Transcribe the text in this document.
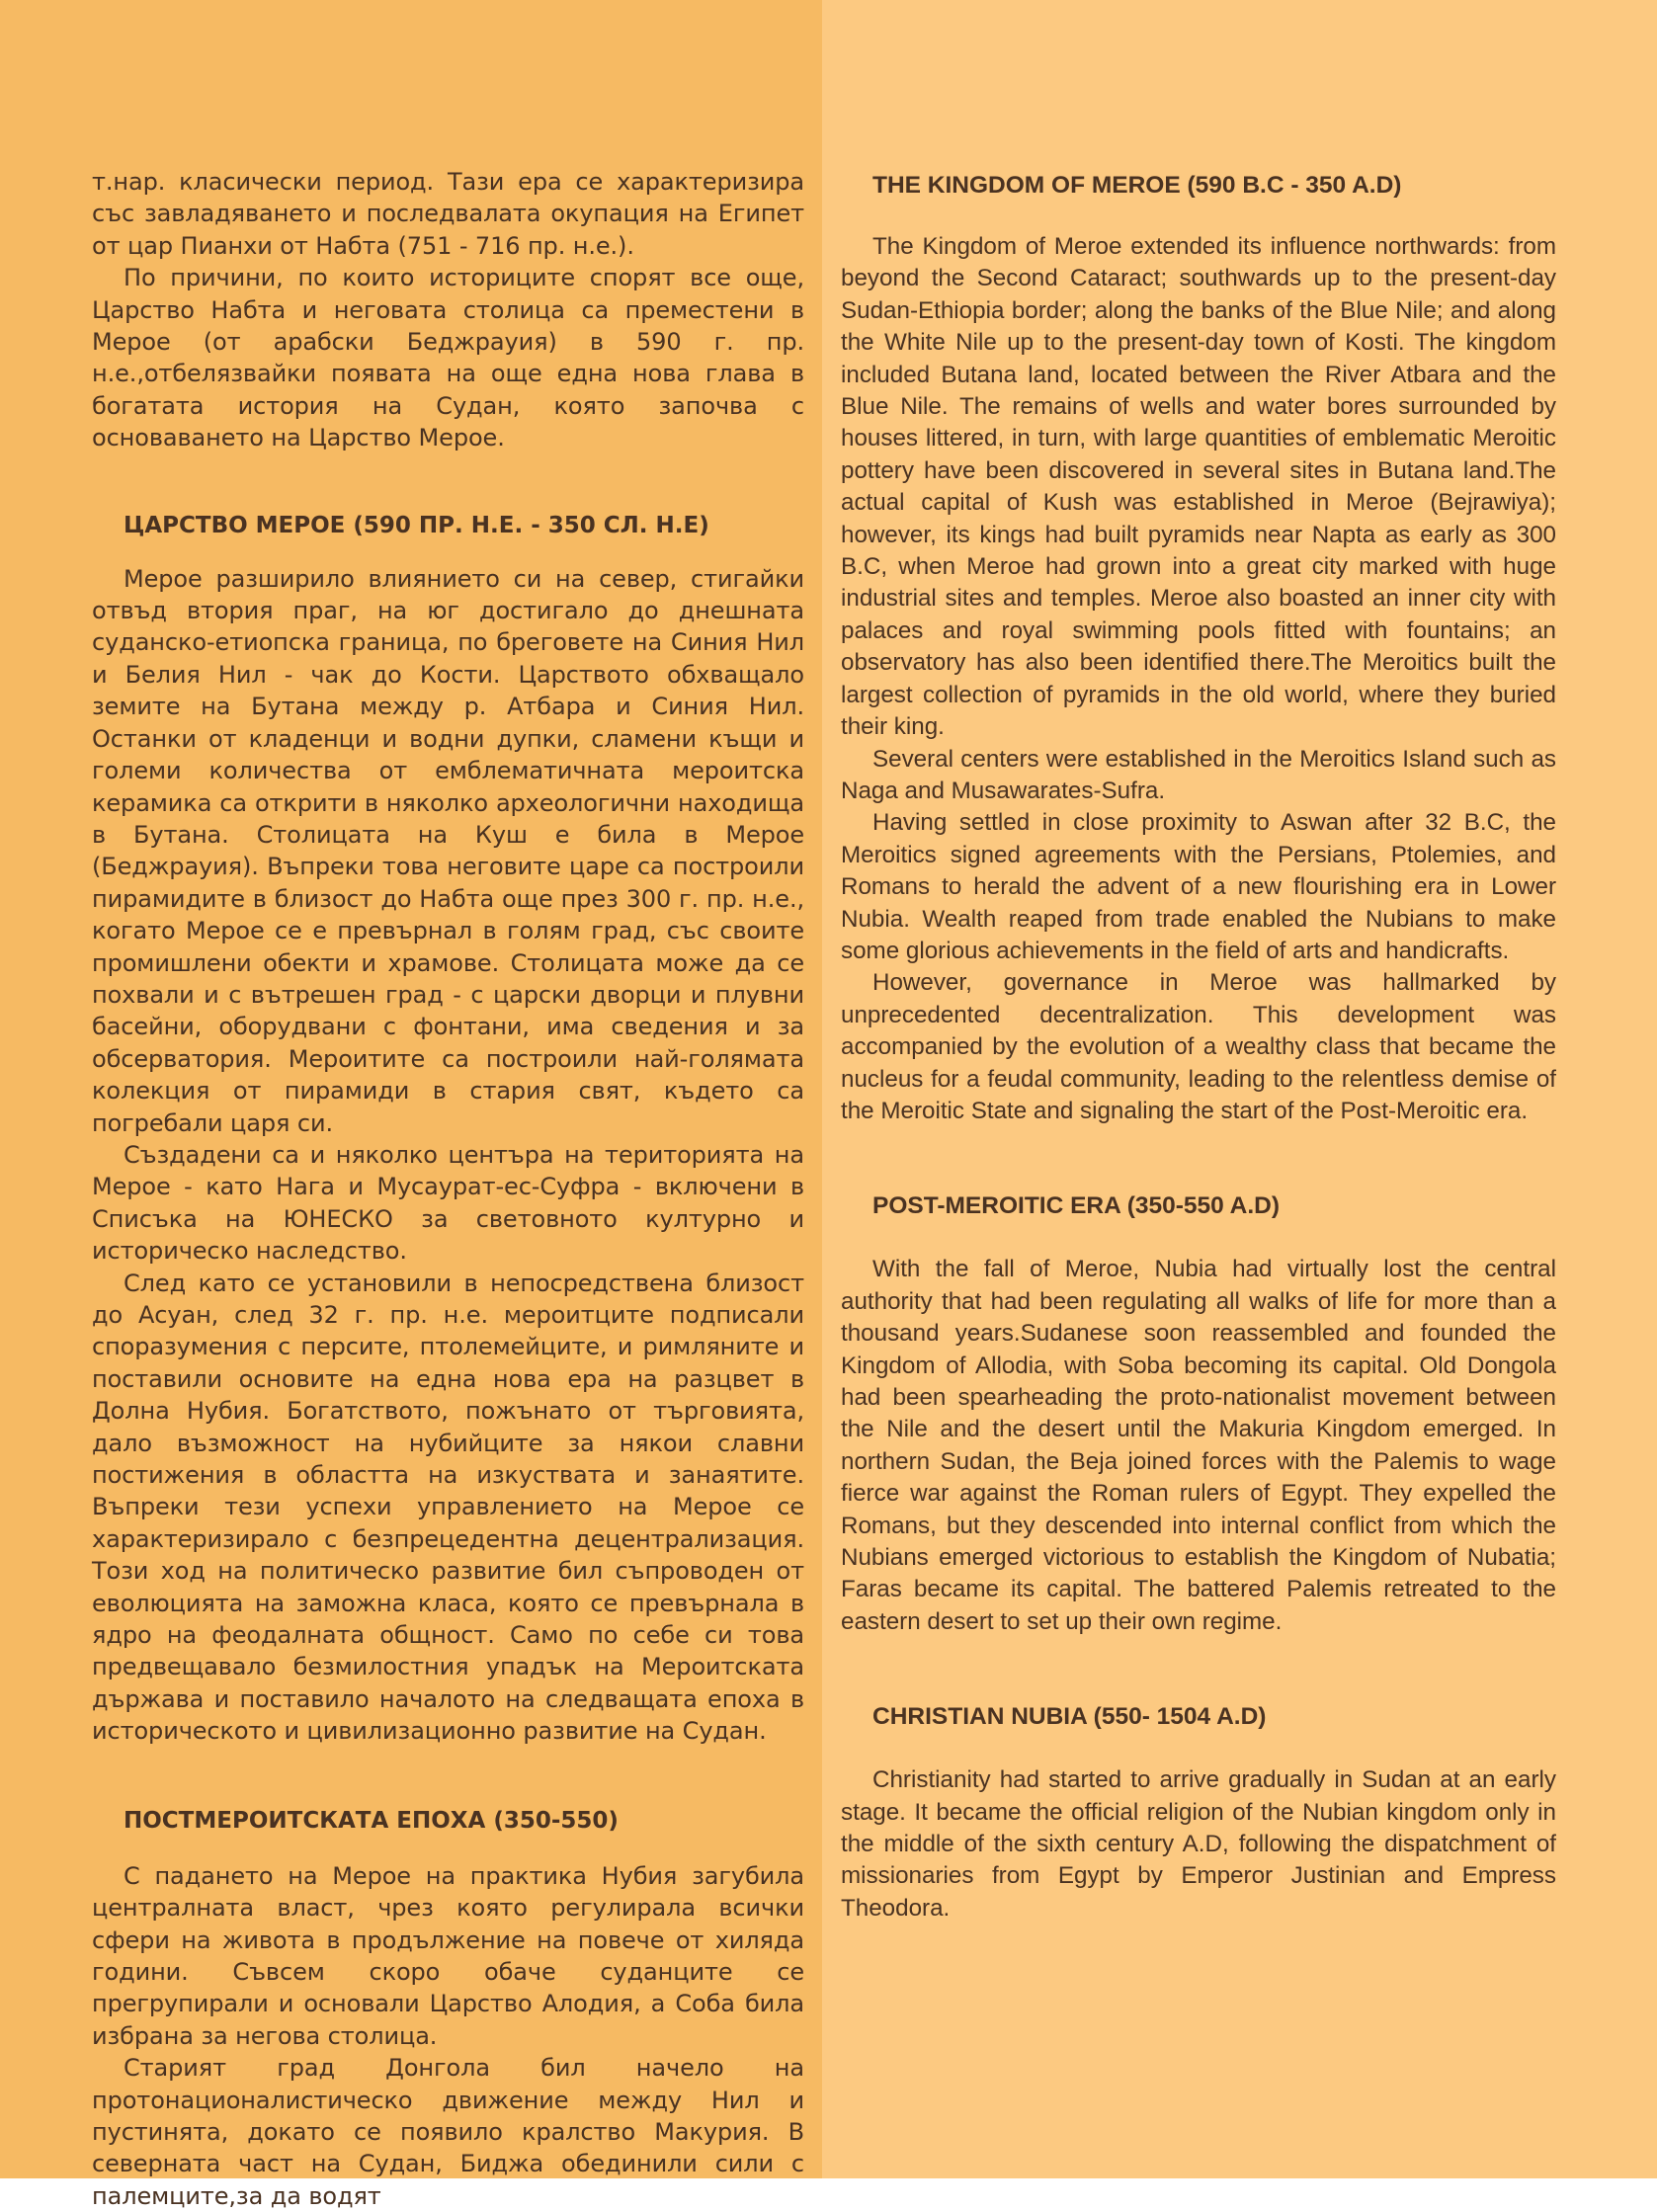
т.нар. класически период. Тази ера се характеризира със завладяването и последвалата окупация на Египет от цар Пианхи от Набта (751 - 716 пр. н.е.).

По причини, по които историците спорят все още, Царство Набта и неговата столица са преместени в Мерое (от арабски Беджрауия) в 590 г. пр. н.е.,отбелязвайки появата на още една нова глава в богатата история на Судан, която започва с основаването на Царство Мерое.

ЦАРСТВО МЕРОЕ (590 ПР. Н.Е. - 350 СЛ. Н.Е)

Мерое разширило влиянието си на север, стигайки отвъд втория праг, на юг достигало до днешната суданско-етиопска граница, по бреговете на Синия Нил и Белия Нил - чак до Кости. Царството обхващало земите на Бутана между р. Атбара и Синия Нил. Останки от кладенци и водни дупки, сламени къщи и големи количества от емблематичната мероитска керамика са открити в няколко археологични находища в Бутана. Столицата на Куш е била в Мерое (Беджрауия). Въпреки това неговите царе са построили пирамидите в близост до Набта още през 300 г. пр. н.е., когато Мерое се е превърнал в голям град, със своите промишлени обекти и храмове. Столицата може да се похвали и с вътрешен град - с царски дворци и плувни басейни, оборудвани с фонтани, има сведения и за обсерватория. Мероитите са построили най-голямата колекция от пирамиди в стария свят, където са погребали царя си.

Създадени са и няколко центъра на територията на Мерое - като Нага и Мусаурат-ес-Суфра - включени в Списъка на ЮНЕСКО за световното културно и историческо наследство.

След като се установили в непосредствена близост до Асуан, след 32 г. пр. н.е. мероитците подписали споразумения с персите, птолемейците, и римляните и поставили основите на една нова ера на разцвет в Долна Нубия. Богатството, пожънато от търговията, дало възможност на нубийците за някои славни постижения в областта на изкуствата и занаятите. Въпреки тези успехи управлението на Мерое се характеризирало с безпрецедентна децентрализация. Този ход на политическо развитие бил съпроводен от еволюцията на заможна класа, която се превърнала в ядро на феодалната общност. Само по себе си това предвещавало безмилостния упадък на Мероитската държава и поставило началото на следващата епоха в историческото и цивилизационно развитие на Судан.

ПОСТМЕРОИТСКАТА ЕПОХА (350-550)

С падането на Мерое на практика Нубия загубила централната власт, чрез която регулирала всички сфери на живота в продължение на повече от хиляда години. Съвсем скоро обаче суданците се прегрупирали и основали Царство Алодия, а Соба била избрана за негова столица.

Старият град Донгола бил начело на протонационалистическо движение между Нил и пустинята, докато се появило кралство Макурия. В северната част на Судан, Биджа обединили сили с палемците,за да водят

THE KINGDOM OF MEROE (590 B.C - 350 A.D)

The Kingdom of Meroe extended its influence northwards: from beyond the Second Cataract; southwards up to the present-day Sudan-Ethiopia border; along the banks of the Blue Nile; and along the White Nile up to the present-day town of Kosti. The kingdom included Butana land, located between the River Atbara and the Blue Nile. The remains of wells and water bores surrounded by houses littered, in turn, with large quantities of emblematic Meroitic pottery have been discovered in several sites in Butana land.The actual capital of Kush was established in Meroe (Bejrawiya); however, its kings had built pyramids near Napta as early as 300 B.C, when Meroe had grown into a great city marked with huge industrial sites and temples. Meroe also boasted an inner city with palaces and royal swimming pools fitted with fountains; an observatory has also been identified there.The Meroitics built the largest collection of pyramids in the old world, where they buried their king.

Several centers were established in the Meroitics Island such as Naga and Musawarates-Sufra.

Having settled in close proximity to Aswan after 32 B.C, the Meroitics signed agreements with the Persians, Ptolemies, and Romans to herald the advent of a new flourishing era in Lower Nubia. Wealth reaped from trade enabled the Nubians to make some glorious achievements in the field of arts and handicrafts.

However, governance in Meroe was hallmarked by unprecedented decentralization. This development was accompanied by the evolution of a wealthy class that became the nucleus for a feudal community, leading to the relentless demise of the Meroitic State and signaling the start of the Post-Meroitic era.

POST-MEROITIC ERA (350-550 A.D)

With the fall of Meroe, Nubia had virtually lost the central authority that had been regulating all walks of life for more than a thousand years.Sudanese soon reassembled and founded the Kingdom of Allodia, with Soba becoming its capital. Old Dongola had been spearheading the proto-nationalist movement between the Nile and the desert until the Makuria Kingdom emerged. In northern Sudan, the Beja joined forces with the Palemis to wage fierce war against the Roman rulers of Egypt. They expelled the Romans, but they descended into internal conflict from which the Nubians emerged victorious to establish the Kingdom of Nubatia; Faras became its capital. The battered Palemis retreated to the eastern desert to set up their own regime.

CHRISTIAN NUBIA (550- 1504 A.D)

Christianity had started to arrive gradually in Sudan at an early stage. It became the official religion of the Nubian kingdom only in the middle of the sixth century A.D, following the dispatchment of missionaries from Egypt by Emperor Justinian and Empress Theodora.
